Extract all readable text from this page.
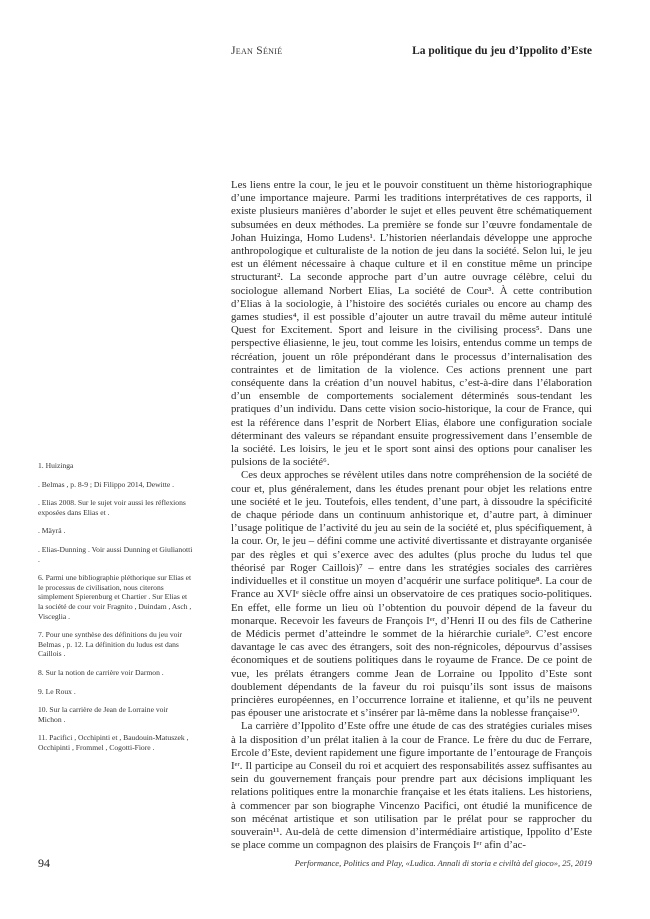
Jean Sénié	La politique du jeu d’Ippolito d’Este

Les liens entre la cour, le jeu et le pouvoir constituent un thème historiographique d’une importance majeure. Parmi les traditions interprétatives de ces rapports, il existe plusieurs manières d’aborder le sujet et elles peuvent être schématiquement subsumées en deux méthodes. La première se fonde sur l’œuvre fondamentale de Johan Huizinga, Homo Ludens¹. L’historien néerlandais développe une approche anthropologique et culturaliste de la notion de jeu dans la société. Selon lui, le jeu est un élément nécessaire à chaque culture et il en constitue même un principe structurant². La seconde approche part d’un autre ouvrage célèbre, celui du sociologue allemand Norbert Elias, La société de Cour³. À cette contribution d’Elias à la sociologie, à l’histoire des sociétés curiales ou encore au champ des games studies⁴, il est possible d’ajouter un autre travail du même auteur intitulé Quest for Excitement. Sport and leisure in the civilising process⁵. Dans une perspective éliasienne, le jeu, tout comme les loisirs, entendus comme un temps de récréation, jouent un rôle prépondérant dans le processus d’internalisation des contraintes et de limitation de la violence. Ces actions prennent une part conséquente dans la création d’un nouvel habitus, c’est-à-dire dans l’élaboration d’un ensemble de comportements socialement déterminés sous-tendant les pratiques d’un individu. Dans cette vision socio-historique, la cour de France, qui est la référence dans l’esprit de Norbert Elias, élabore une configuration sociale déterminant des valeurs se répandant ensuite progressivement dans l’ensemble de la société. Les loisirs, le jeu et le sport sont ainsi des options pour canaliser les pulsions de la société⁶.

Ces deux approches se révèlent utiles dans notre compréhension de la société de cour et, plus généralement, dans les études prenant pour objet les relations entre une société et le jeu. Toutefois, elles tendent, d’une part, à dissoudre la spécificité de chaque période dans un continuum anhistorique et, d’autre part, à diminuer l’usage politique de l’activité du jeu au sein de la société et, plus spécifiquement, à la cour. Or, le jeu – défini comme une activité divertissante et distrayante organisée par des règles et qui s’exerce avec des adultes (plus proche du ludus tel que théorisé par Roger Caillois)⁷ – entre dans les stratégies sociales des carrières individuelles et il constitue un moyen d’acquérir une surface politique⁸. La cour de France au XVIᵉ siècle offre ainsi un observatoire de ces pratiques socio-politiques. En effet, elle forme un lieu où l’obtention du pouvoir dépend de la faveur du monarque. Recevoir les faveurs de François Iᵉʳ, d’Henri II ou des fils de Catherine de Médicis permet d’atteindre le sommet de la hiérarchie curiale⁹. C’est encore davantage le cas avec des étrangers, soit des non-régnicoles, dépourvus d’assises économiques et de soutiens politiques dans le royaume de France. De ce point de vue, les prélats étrangers comme Jean de Lorraine ou Ippolito d’Este sont doublement dépendants de la faveur du roi puisqu’ils sont issus de maisons princières européennes, en l’occurrence lorraine et italienne, et qu’ils ne peuvent pas épouser une aristocrate et s’insérer par là-même dans la noblesse française¹⁰.

La carrière d’Ippolito d’Este offre une étude de cas des stratégies curiales mises à la disposition d’un prélat italien à la cour de France. Le frère du duc de Ferrare, Ercole d’Este, devient rapidement une figure importante de l’entourage de François Iᵉʳ. Il participe au Conseil du roi et acquiert des responsabilités assez suffisantes au sein du gouvernement français pour prendre part aux décisions impliquant les relations politiques entre la monarchie française et les états italiens. Les historiens, à commencer par son biographe Vincenzo Pacifici, ont étudié la munificence de son mécénat artistique et son utilisation par le prélat pour se rapprocher du souverain¹¹. Au-delà de cette dimension d’intermédiaire artistique, Ippolito d’Este se place comme un compagnon des plaisirs de François Iᵉʳ afin d’ac-

1. Huizinga
. Belmas , p. 8-9 ; Di Filippo 2014, Dewitte .
. Elias 2008. Sur le sujet voir aussi les réflexions exposées dans Elias et .
. Mäyrä .
. Elias-Dunning . Voir aussi Dunning et Giulianotti .
6. Parmi une bibliographie pléthorique sur Elias et le processus de civilisation, nous citerons simplement Spierenburg et Chartier . Sur Elias et la société de cour voir Fragnito , Duindam , Asch , Visceglia .
7. Pour une synthèse des définitions du jeu voir Belmas , p. 12. La définition du ludus est dans Caillois .
8. Sur la notion de carrière voir Darmon .
9. Le Roux .
10. Sur la carrière de Jean de Lorraine voir Michon .
11. Pacifici , Occhipinti et , Baudouin-Matuszek , Occhipinti , Frommel , Cogotti-Fiore .
94	Performance, Politics and Play, «Ludica. Annali di storia e civiltà del gioco», 25, 2019
